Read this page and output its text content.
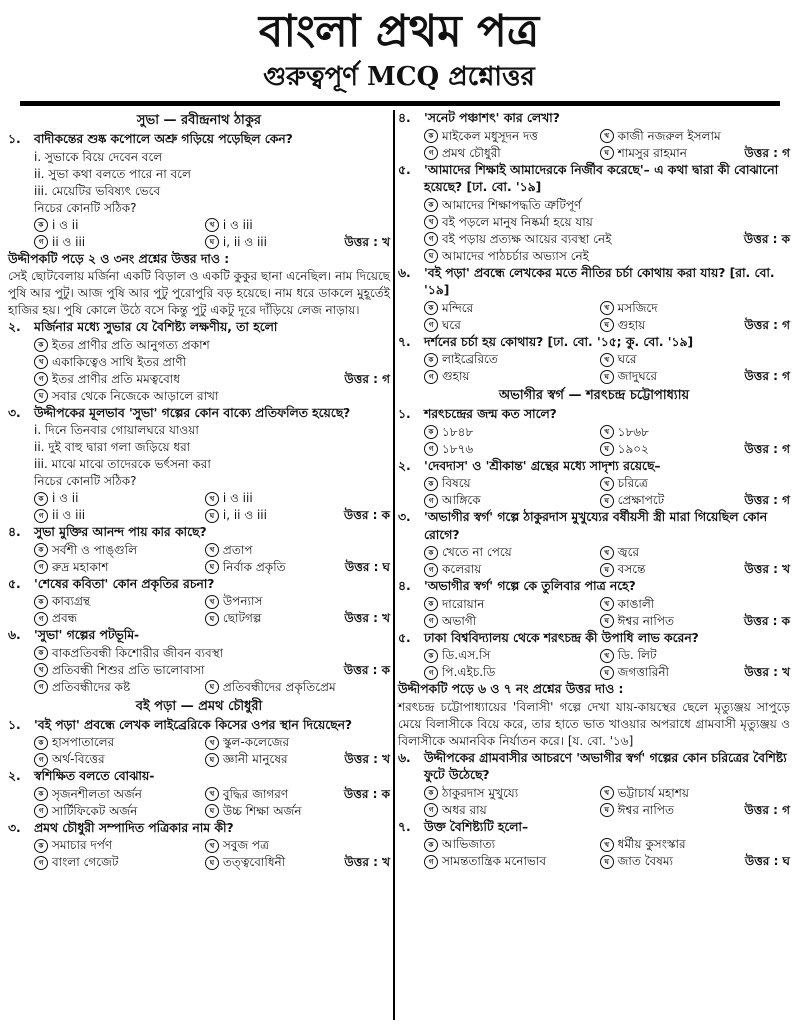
বাংলা প্রথম পত্র
গুরুত্বপূর্ণ MCQ প্রশ্নোত্তর
সুভা — রবীন্দ্রনাথ ঠাকুর
১.	বাদীকন্তের শুষ্ক কপোলে অশ্রু গড়িয়ে পড়েছিল কেন?
i. সুভাকে বিয়ে দেবেন বলে
ii. সুভা কথা বলতে পারে না বলে
iii. মেয়েটির ভবিষ্যৎ ভেবে
নিচের কোনটি সঠিক?
ক i ও ii	খ i ও iii
গ ii ও iii	ঘ i, ii ও iii	উত্তর : খ
উদ্দীপকটি পড়ে ২ ও ৩নং প্রশ্নের উত্তর দাও :
সেই ছোটবেলায় মর্জিনা একটি বিড়াল ও একটি কুকুর ছানা এনেছিল। নাম দিয়েছে পুষি আর পুটু। আজ পুষি আর পুটু পুরোপুরি বড় হয়েছে। নাম ধরে ডাকলে মুহূর্তেই হাজির হয়। পুষি কোলে উঠে বসে কিন্তু পুটু একটু দূরে দাঁড়িয়ে লেজ নাড়ায়।
২.	মর্জিনার মধ্যে সুভার যে বৈশিষ্ট্য লক্ষণীয়, তা হলো
ক ইতর প্রাণীর প্রতি আনুগত্য প্রকাশ
খ একাকিত্বেও সাথি ইতর প্রাণী
গ ইতর প্রাণীর প্রতি মমত্ববোধ	উত্তর : গ
ঘ সবার থেকে নিজেকে আড়ালে রাখা
৩.	উদ্দীপকের মূলভাব 'সুভা' গল্পের কোন বাক্যে প্রতিফলিত হয়েছে?
i. দিনে তিনবার গোয়ালঘরে যাওয়া
ii. দুই বাহু দ্বারা গলা জড়িয়ে ধরা
iii. মাঝে মাঝে তাদেরকে ভর্ৎসনা করা
নিচের কোনটি সঠিক?
ক i ও ii	খ i ও iii
গ ii ও iii	ঘ i, ii ও iii	উত্তর : ক
৪.	সুভা মুক্তির আনন্দ পায় কার কাছে?
ক সর্বশী ও পাঙ্গুলি	খ প্রতাপ
গ রুদ্র মহাকাশ	ঘ নির্বাক প্রকৃতি	উত্তর : ঘ
৫.	'শেষের কবিতা' কোন প্রকৃতির রচনা?
ক কাব্যগ্রন্থ	খ উপন্যাস
গ প্রবন্ধ	ঘ ছোটগল্প	উত্তর : খ
৬.	'সুভা' গল্পের পটভূমি-
ক বাকপ্রতিবন্ধী কিশোরীর জীবন ব্যবস্থা
খ প্রতিবন্ধী শিশুর প্রতি ভালোবাসা	উত্তর : ক
গ প্রতিবন্ধীদের কষ্ট	ঘ প্রতিবন্ধীদের প্রকৃতিপ্রেম
বই পড়া — প্রমথ চৌধুরী
১.	'বই পড়া' প্রবন্ধে লেখক লাইব্রেরিকে কিসের ওপর স্থান দিয়েছেন?
ক হাসপাতালের	খ স্কুল-কলেজের
গ অর্থ-বিত্তের	ঘ জ্ঞানী মানুষের	উত্তর : খ
২.	স্বশিক্ষিত বলতে বোঝায়-
ক সৃজনশীলতা অর্জন	খ বুদ্ধির জাগরণ	উত্তর : ক
গ সার্টিফিকেট অর্জন	ঘ উচ্চ শিক্ষা অর্জন
৩.	প্রমথ চৌধুরী সম্পাদিত পত্রিকার নাম কী?
ক সমাচার দর্পণ	খ সবুজ পত্র
গ বাংলা গেজেট	ঘ তত্ত্ববোধিনী	উত্তর : খ
৪.	'সনেট পঞ্চাশৎ' কার লেখা?
ক মাইকেল মধুসূদন দত্ত	খ কাজী নজরুল ইসলাম
গ প্রমথ চৌধুরী	ঘ শামসুর রাহমান	উত্তর : গ
৫.	'আমাদের শিক্ষাই আমাদেরকে নির্জীব করেছে'– এ কথা দ্বারা কী বোঝানো হয়েছে? [ঢা. বো. '১৯]
ক আমাদের শিক্ষাপদ্ধতি ত্রুটিপূর্ণ
খ বই পড়লে মানুষ নিষ্কর্মা হয়ে যায়
গ বই পড়ায় প্রত্যক্ষ আয়ের ব্যবস্থা নেই	উত্তর : ক
ঘ আমাদের পাঠচর্চার অভ্যাস নেই
৬.	'বই পড়া' প্রবন্ধে লেখকের মতে নীতির চর্চা কোথায় করা যায়? [রা. বো. '১৯]
ক মন্দিরে	খ মসজিদে
গ ঘরে	ঘ গুহায়	উত্তর : গ
৭.	দর্শনের চর্চা হয় কোথায়? [ঢা. বো. '১৫; কু. বো. '১৯]
ক লাইব্রেরিতে	খ ঘরে
গ গুহায়	ঘ জাদুঘরে	উত্তর : গ
অভাগীর স্বর্গ — শরৎচন্দ্র চট্টোপাধ্যায়
১.	শরৎচন্দ্রের জন্ম কত সালে?
ক ১৮৪৮	খ ১৮৬৮
গ ১৮৭৬	ঘ ১৯০২	উত্তর : গ
২.	'দেবদাস' ও 'শ্রীকান্ত' গ্রন্থের মধ্যে সাদৃশ্য রয়েছে–
ক বিষয়ে	খ চরিত্রে
গ আঙ্গিকে	ঘ প্রেক্ষাপটে	উত্তর : গ
৩.	'অভাগীর স্বর্গ' গল্পে ঠাকুরদাস মুখুয্যের বর্ষীয়সী স্ত্রী মারা গিয়েছিল কোন রোগে?
ক খেতে না পেয়ে	খ জ্বরে
গ কলেরায়	ঘ বসন্তে	উত্তর : খ
৪.	'অভাগীর স্বর্গ' গল্পে কে তুলিবার পাত্র নহে?
ক দারোয়ান	খ কাঙালী
গ অভাগী	ঘ ঈশ্বর নাপিত	উত্তর : ক
৫.	ঢাকা বিশ্ববিদ্যালয় থেকে শরৎচন্দ্র কী উপাধি লাভ করেন?
ক ডি.এস.সি	খ ডি. লিট
গ পি.এইচ.ডি	ঘ জগত্তারিনী	উত্তর : খ
উদ্দীপকটি পড়ে ৬ ও ৭ নং প্রশ্নের উত্তর দাও :
শরৎচন্দ্র চট্টোপাধ্যায়ের 'বিলাসী' গল্পে দেখা যায়-কায়স্থের ছেলে মৃত্যুঞ্জয় সাপুড়ে মেয়ে বিলাসীকে বিয়ে করে, তার হাতে ভাত খাওয়ার অপরাধে গ্রামবাসী মৃত্যুঞ্জয় ও বিলাসীকে অমানবিক নির্যাতন করে। [য. বো. '১৬]
৬.	উদ্দীপকের গ্রামবাসীর আচরণে 'অভাগীর স্বর্গ' গল্পের কোন চরিত্রের বৈশিষ্ট্য ফুটে উঠেছে?
ক ঠাকুরদাস মুখুয্যে	খ ভট্টাচার্য মহাশয়
গ অধর রায়	ঘ ঈশ্বর নাপিত	উত্তর : গ
৭.	উক্ত বৈশিষ্ট্যটি হলো–
ক আভিজাত্য	খ ধর্মীয় কুসংস্কার
গ সামন্ততান্ত্রিক মনোভাব	ঘ জাত বৈষম্য	উত্তর : ঘ
